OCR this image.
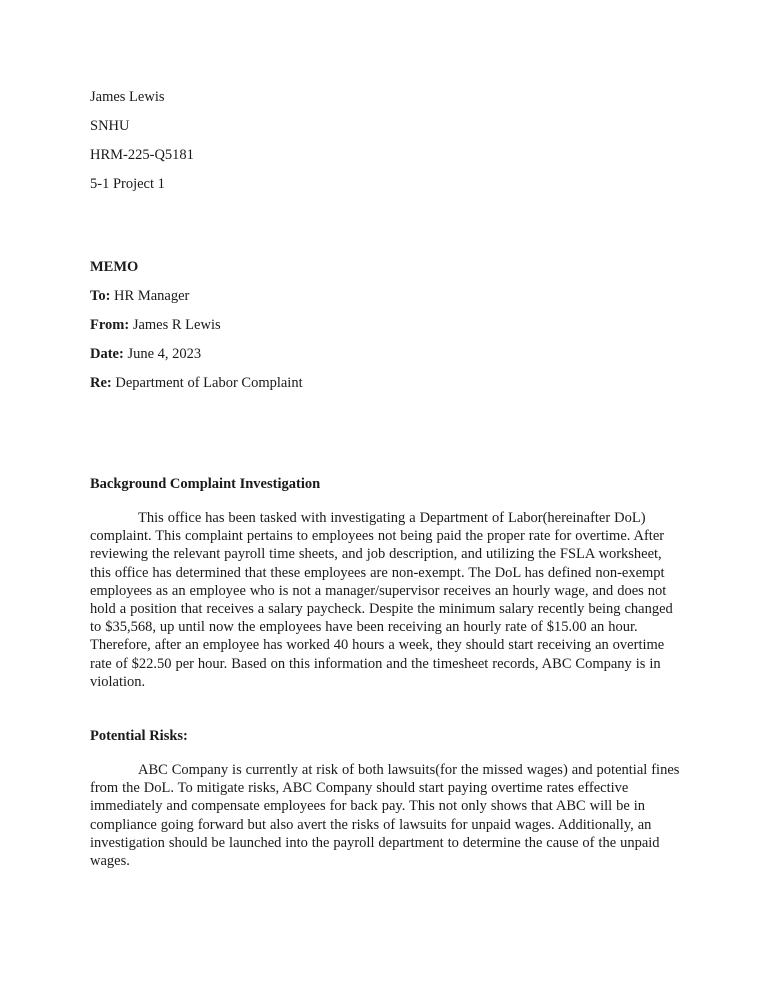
James Lewis
SNHU
HRM-225-Q5181
5-1 Project 1
MEMO
To: HR Manager
From: James R Lewis
Date: June 4, 2023
Re: Department of Labor Complaint
Background Complaint Investigation

This office has been tasked with investigating a Department of Labor(hereinafter DoL) complaint. This complaint pertains to employees not being paid the proper rate for overtime. After reviewing the relevant payroll time sheets, and job description, and utilizing the FSLA worksheet, this office has determined that these employees are non-exempt. The DoL has defined non-exempt employees as an employee who is not a manager/supervisor receives an hourly wage, and does not hold a position that receives a salary paycheck. Despite the minimum salary recently being changed to $35,568, up until now the employees have been receiving an hourly rate of $15.00 an hour. Therefore, after an employee has worked 40 hours a week, they should start receiving an overtime rate of $22.50 per hour. Based on this information and the timesheet records, ABC Company is in violation.

Potential Risks:

ABC Company is currently at risk of both lawsuits(for the missed wages) and potential fines from the DoL. To mitigate risks, ABC Company should start paying overtime rates effective immediately and compensate employees for back pay. This not only shows that ABC will be in compliance going forward but also avert the risks of lawsuits for unpaid wages. Additionally, an investigation should be launched into the payroll department to determine the cause of the unpaid wages.
